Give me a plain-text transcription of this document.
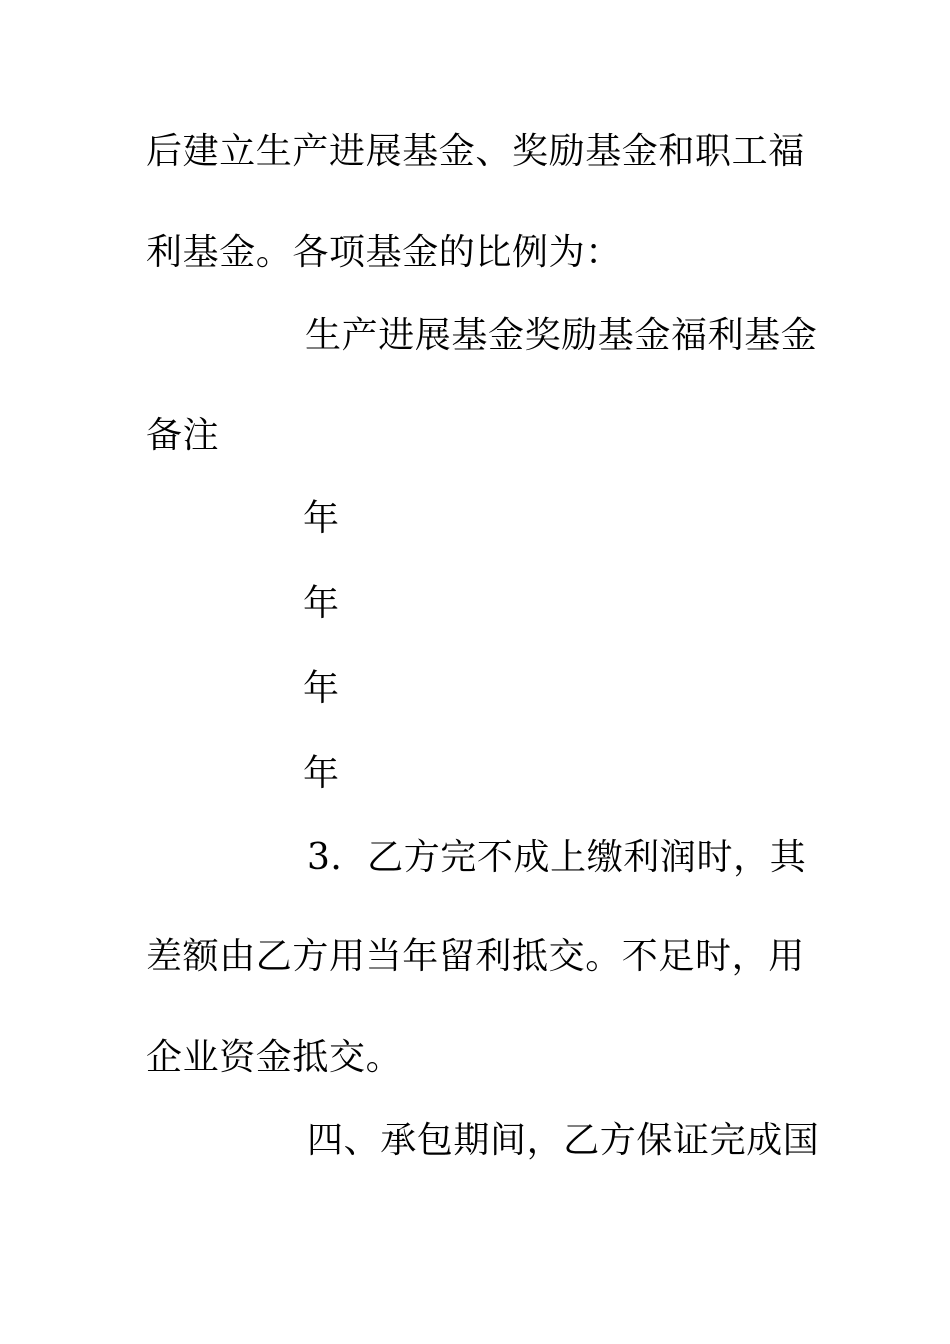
后建立生产进展基金、奖励基金和职工福
利基金。各项基金的比例为：
生产进展基金奖励基金福利基金
备注
年
年
年
年
3．乙方完不成上缴利润时，其
差额由乙方用当年留利抵交。不足时，用
企业资金抵交。
四、承包期间，乙方保证完成国
